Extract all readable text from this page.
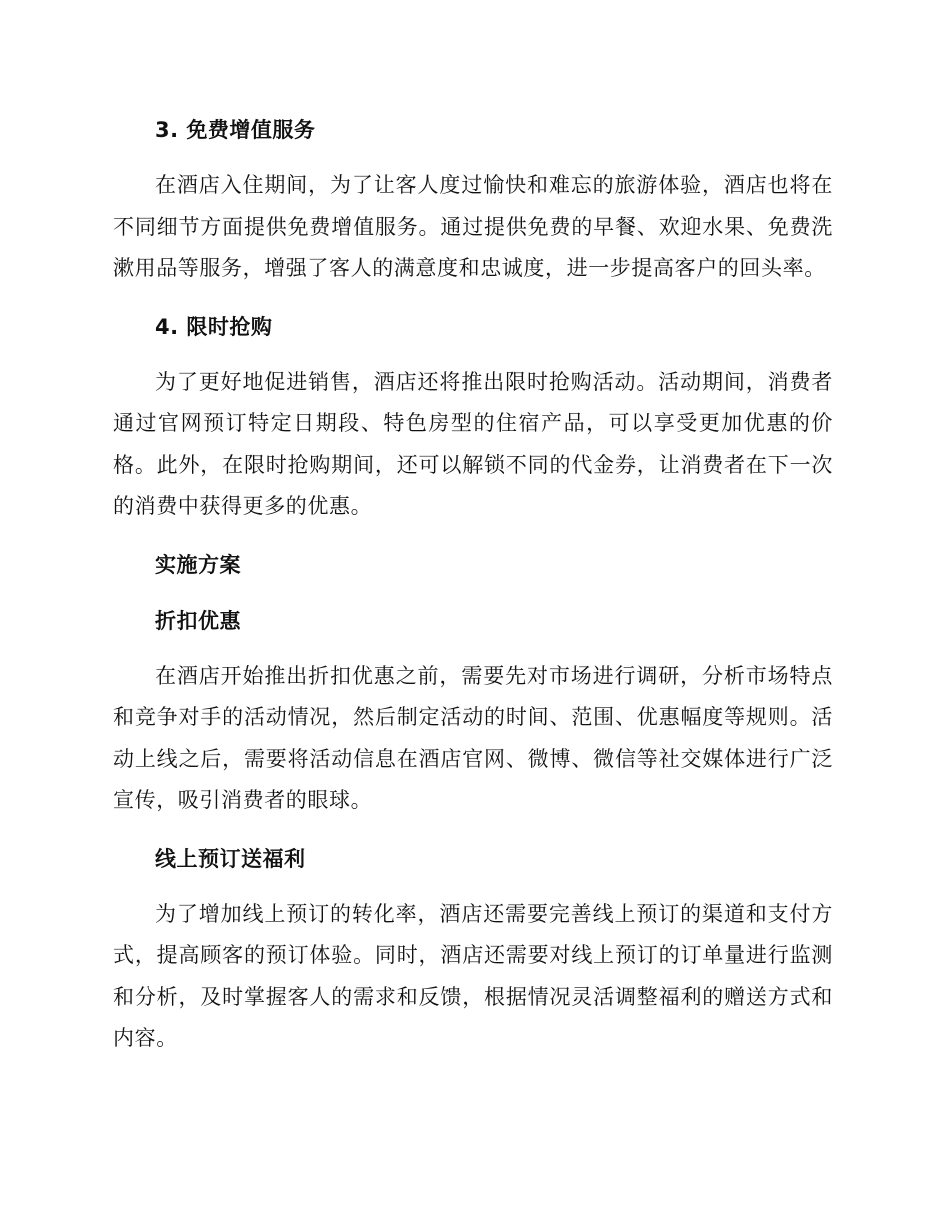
3. 免费增值服务

在酒店入住期间，为了让客人度过愉快和难忘的旅游体验，酒店也将在不同细节方面提供免费增值服务。通过提供免费的早餐、欢迎水果、免费洗漱用品等服务，增强了客人的满意度和忠诚度，进一步提高客户的回头率。

4. 限时抢购

为了更好地促进销售，酒店还将推出限时抢购活动。活动期间，消费者通过官网预订特定日期段、特色房型的住宿产品，可以享受更加优惠的价格。此外，在限时抢购期间，还可以解锁不同的代金券，让消费者在下一次的消费中获得更多的优惠。

实施方案
折扣优惠

在酒店开始推出折扣优惠之前，需要先对市场进行调研，分析市场特点和竞争对手的活动情况，然后制定活动的时间、范围、优惠幅度等规则。活动上线之后，需要将活动信息在酒店官网、微博、微信等社交媒体进行广泛宣传，吸引消费者的眼球。

线上预订送福利

为了增加线上预订的转化率，酒店还需要完善线上预订的渠道和支付方式，提高顾客的预订体验。同时，酒店还需要对线上预订的订单量进行监测和分析，及时掌握客人的需求和反馈，根据情况灵活调整福利的赠送方式和内容。
